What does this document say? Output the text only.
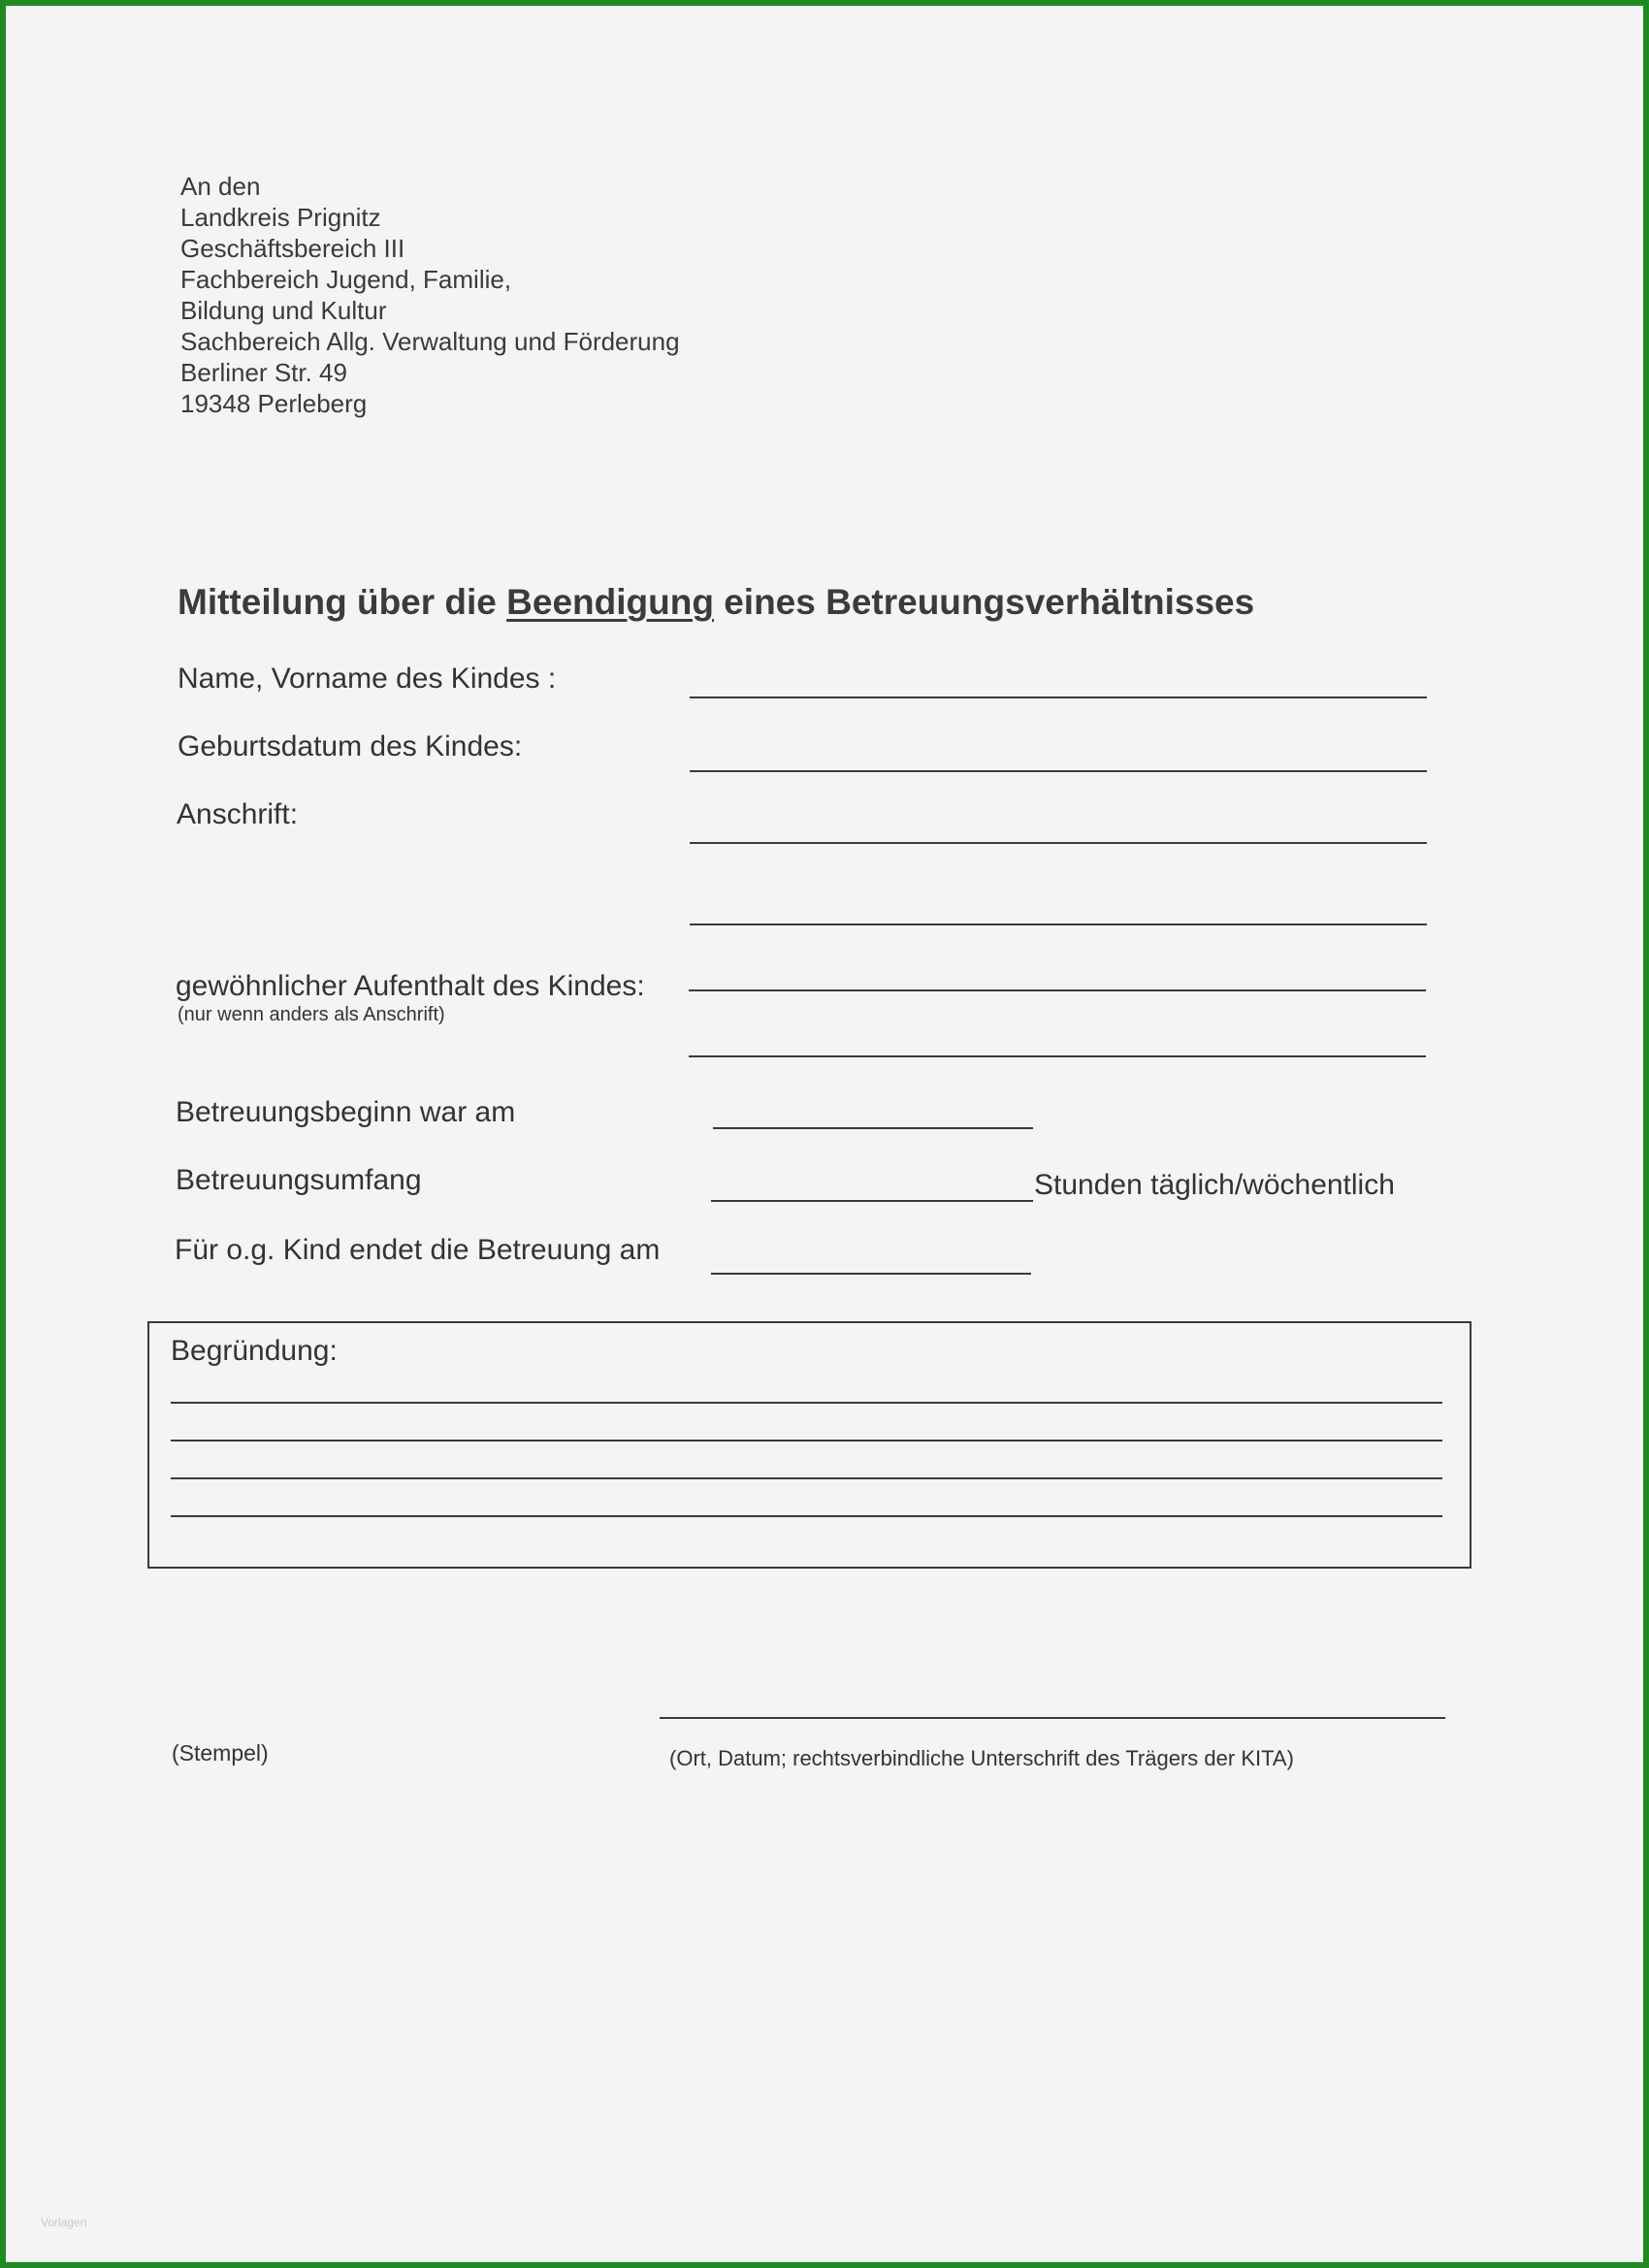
An den
Landkreis Prignitz
Geschäftsbereich III
Fachbereich Jugend, Familie,
Bildung und Kultur
Sachbereich Allg. Verwaltung und Förderung
Berliner Str. 49
19348 Perleberg
Mitteilung über die Beendigung eines Betreuungsverhältnisses
Name, Vorname des Kindes :
Geburtsdatum des Kindes:
Anschrift:
gewöhnlicher Aufenthalt des Kindes:
(nur wenn anders als Anschrift)
Betreuungsbeginn war am
Betreuungsumfang	Stunden täglich/wöchentlich
Für o.g. Kind endet die Betreuung am
Begründung:
(Stempel)	(Ort, Datum; rechtsverbindliche Unterschrift des Trägers der KITA)
Vorlagen
